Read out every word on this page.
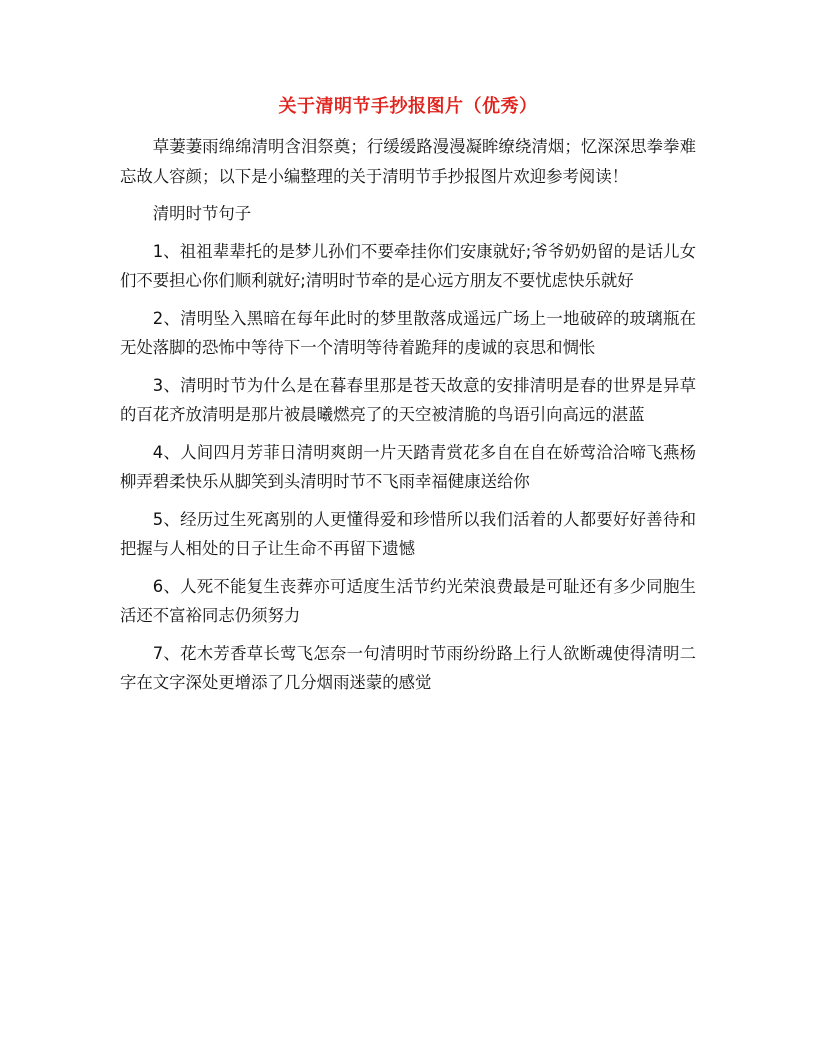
关于清明节手抄报图片（优秀）

草萋萋雨绵绵清明含泪祭奠；行缓缓路漫漫凝眸缭绕清烟；忆深深思拳拳难忘故人容颜；以下是小编整理的关于清明节手抄报图片欢迎参考阅读！

清明时节句子

1、祖祖辈辈托的是梦儿孙们不要牵挂你们安康就好;爷爷奶奶留的是话儿女们不要担心你们顺利就好;清明时节牵的是心远方朋友不要忧虑快乐就好

2、清明坠入黑暗在每年此时的梦里散落成遥远广场上一地破碎的玻璃瓶在无处落脚的恐怖中等待下一个清明等待着跪拜的虔诚的哀思和惆怅

3、清明时节为什么是在暮春里那是苍天故意的安排清明是春的世界是异草的百花齐放清明是那片被晨曦燃亮了的天空被清脆的鸟语引向高远的湛蓝

4、人间四月芳菲日清明爽朗一片天踏青赏花多自在自在娇莺洽洽啼飞燕杨柳弄碧柔快乐从脚笑到头清明时节不飞雨幸福健康送给你

5、经历过生死离别的人更懂得爱和珍惜所以我们活着的人都要好好善待和把握与人相处的日子让生命不再留下遗憾

6、人死不能复生丧葬亦可适度生活节约光荣浪费最是可耻还有多少同胞生活还不富裕同志仍须努力

7、花木芳香草长莺飞怎奈一句清明时节雨纷纷路上行人欲断魂使得清明二字在文字深处更增添了几分烟雨迷蒙的感觉
